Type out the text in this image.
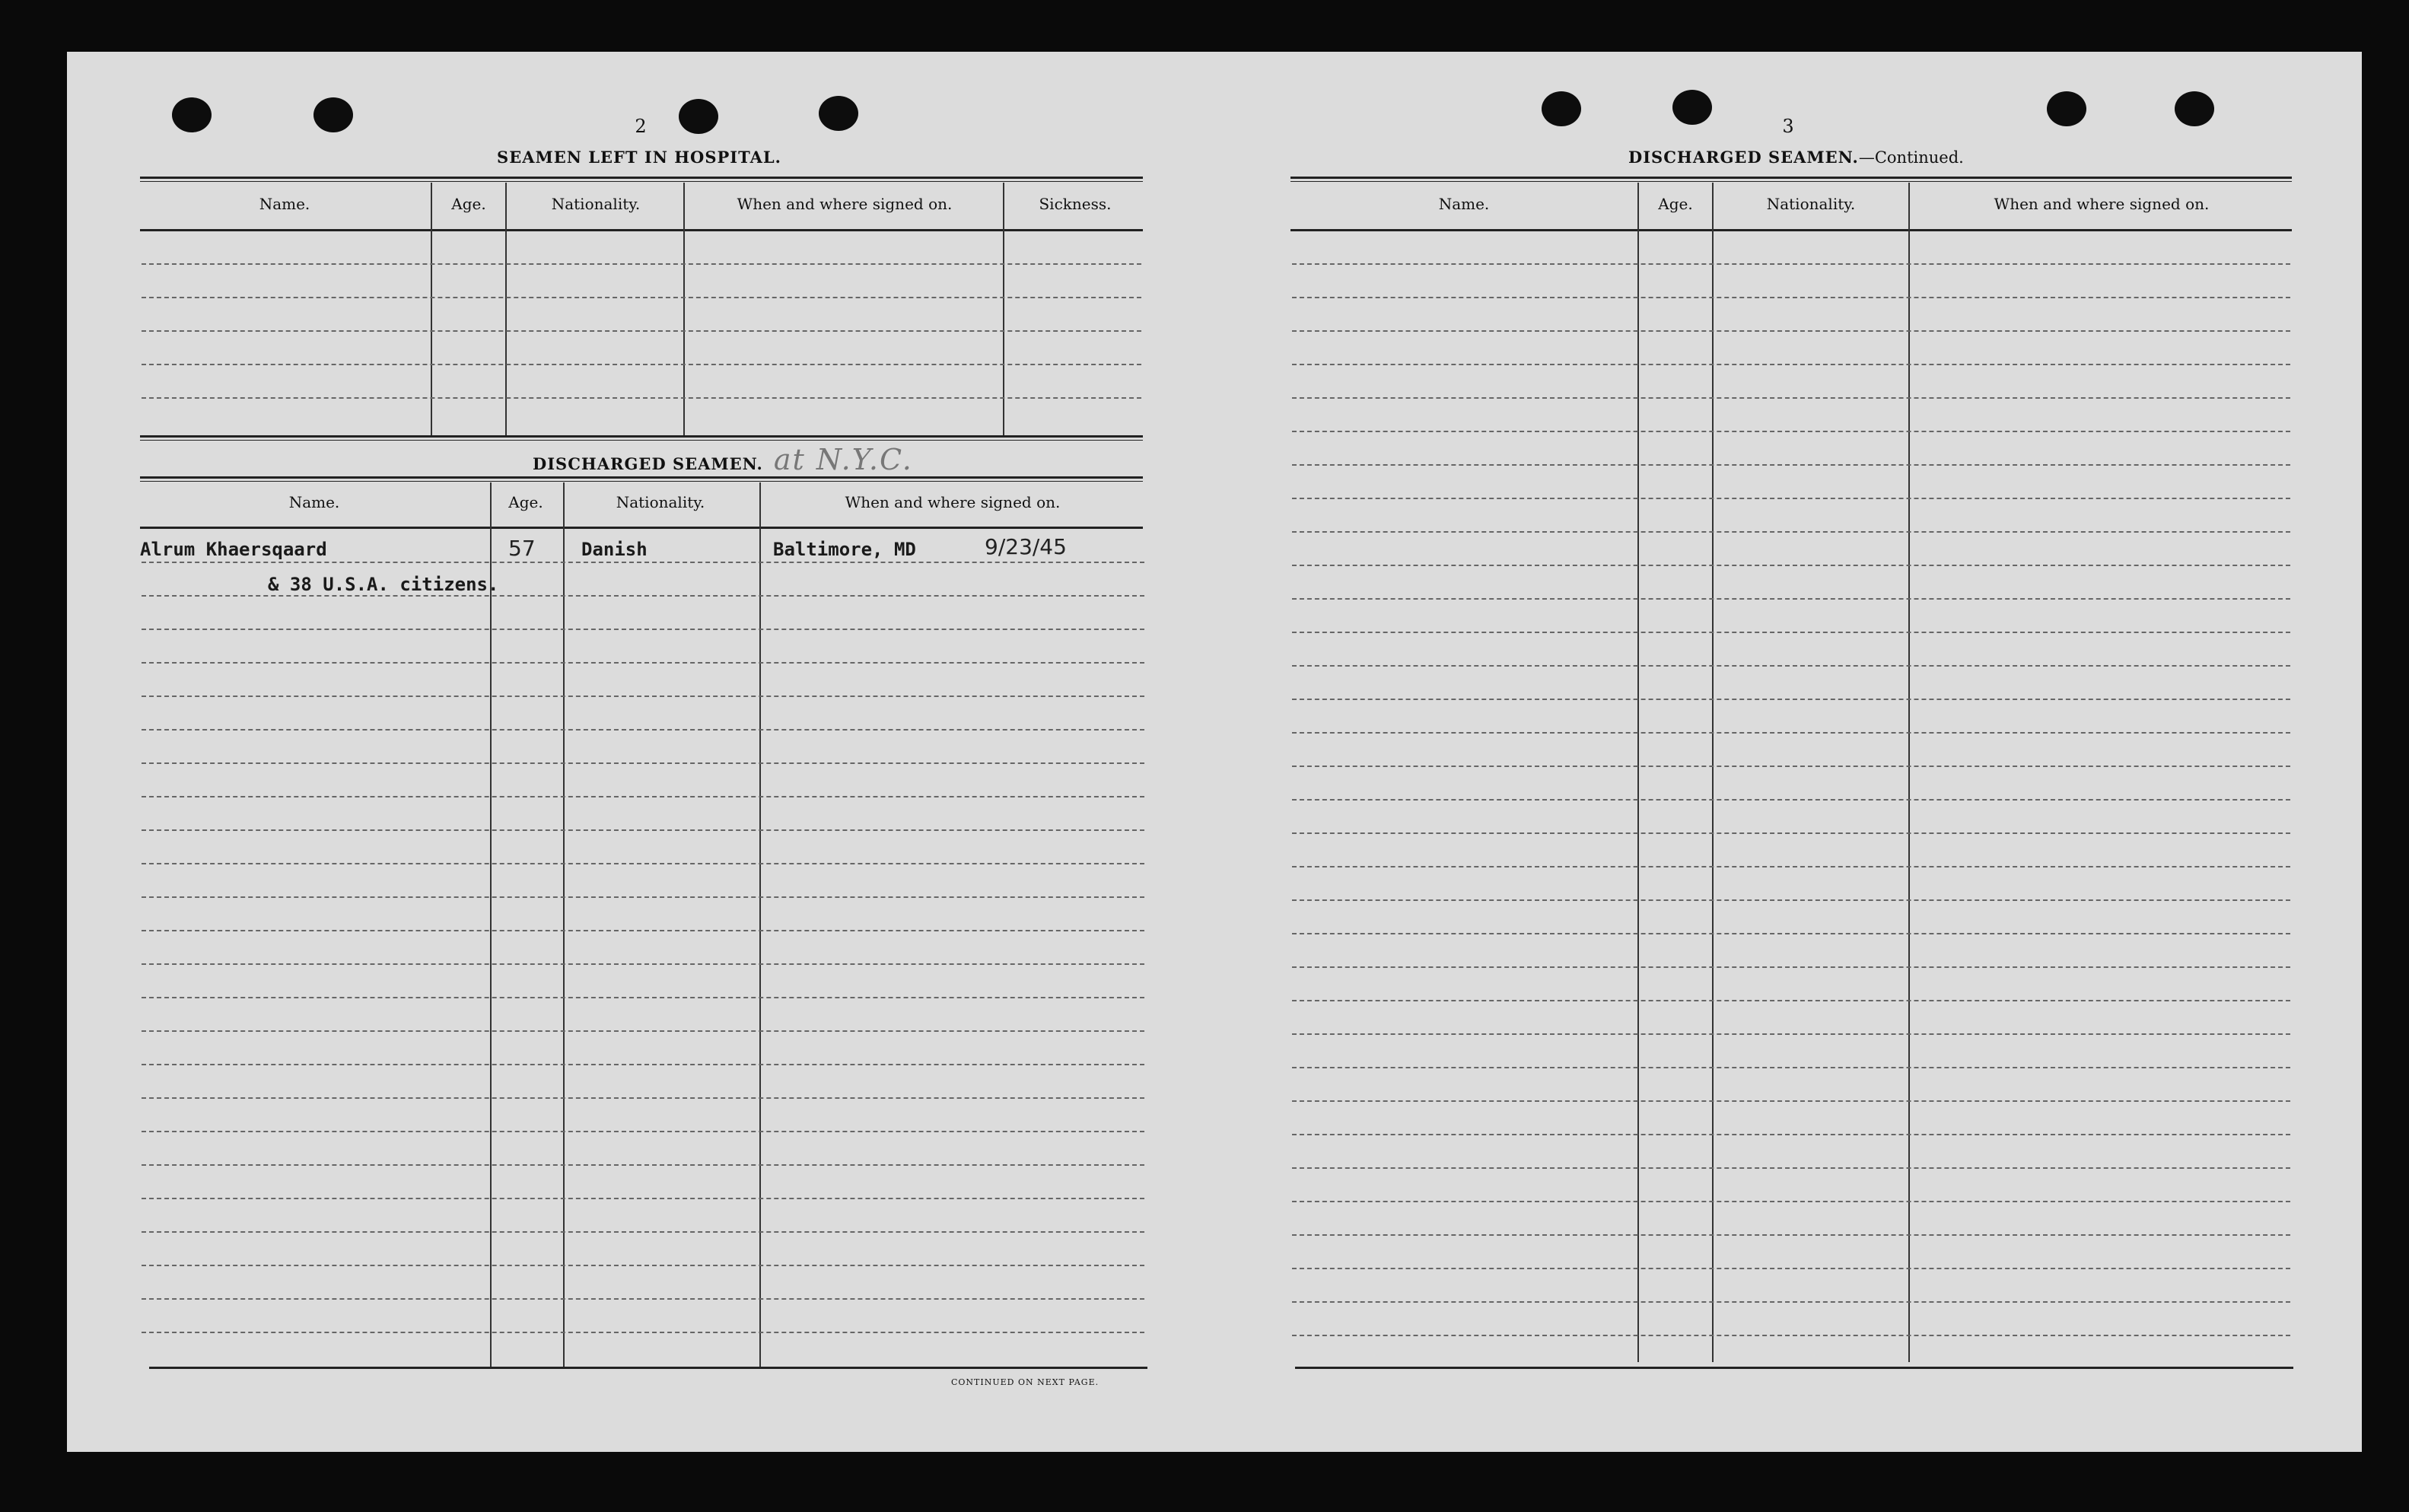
2
SEAMEN LEFT IN HOSPITAL.
Name.	Age.	Nationality.	When and where signed on.	Sickness.
DISCHARGED SEAMEN. at N.Y.C.
Name.	Age.	Nationality.	When and where signed on.
Alrum Khaersqaard	57	Danish	Baltimore, MD	9/23/45
& 38 U.S.A. citizens.
CONTINUED ON NEXT PAGE.
3
DISCHARGED SEAMEN.—Continued.
Name.	Age.	Nationality.	When and where signed on.
